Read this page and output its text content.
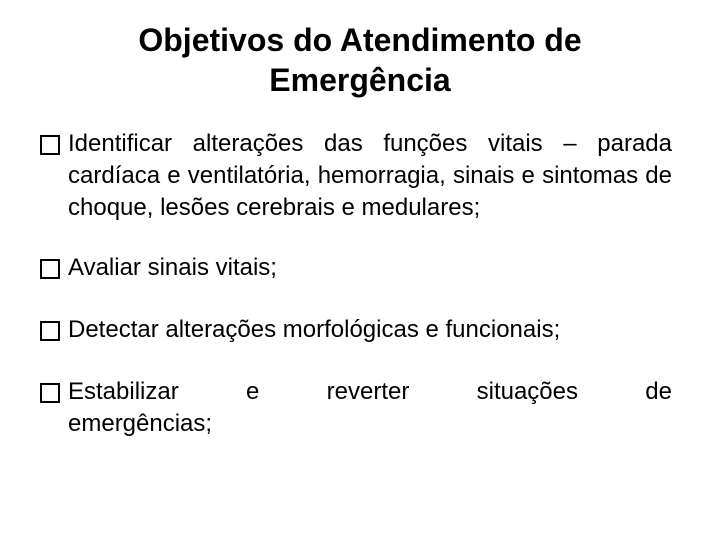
Objetivos do Atendimento de
Emergência
Identificar alterações das funções vitais – parada cardíaca e ventilatória, hemorragia, sinais e sintomas de choque, lesões cerebrais e medulares;
Avaliar sinais vitais;
Detectar alterações morfológicas e funcionais;
Estabilizar	e	reverter	situações	de
emergências;
